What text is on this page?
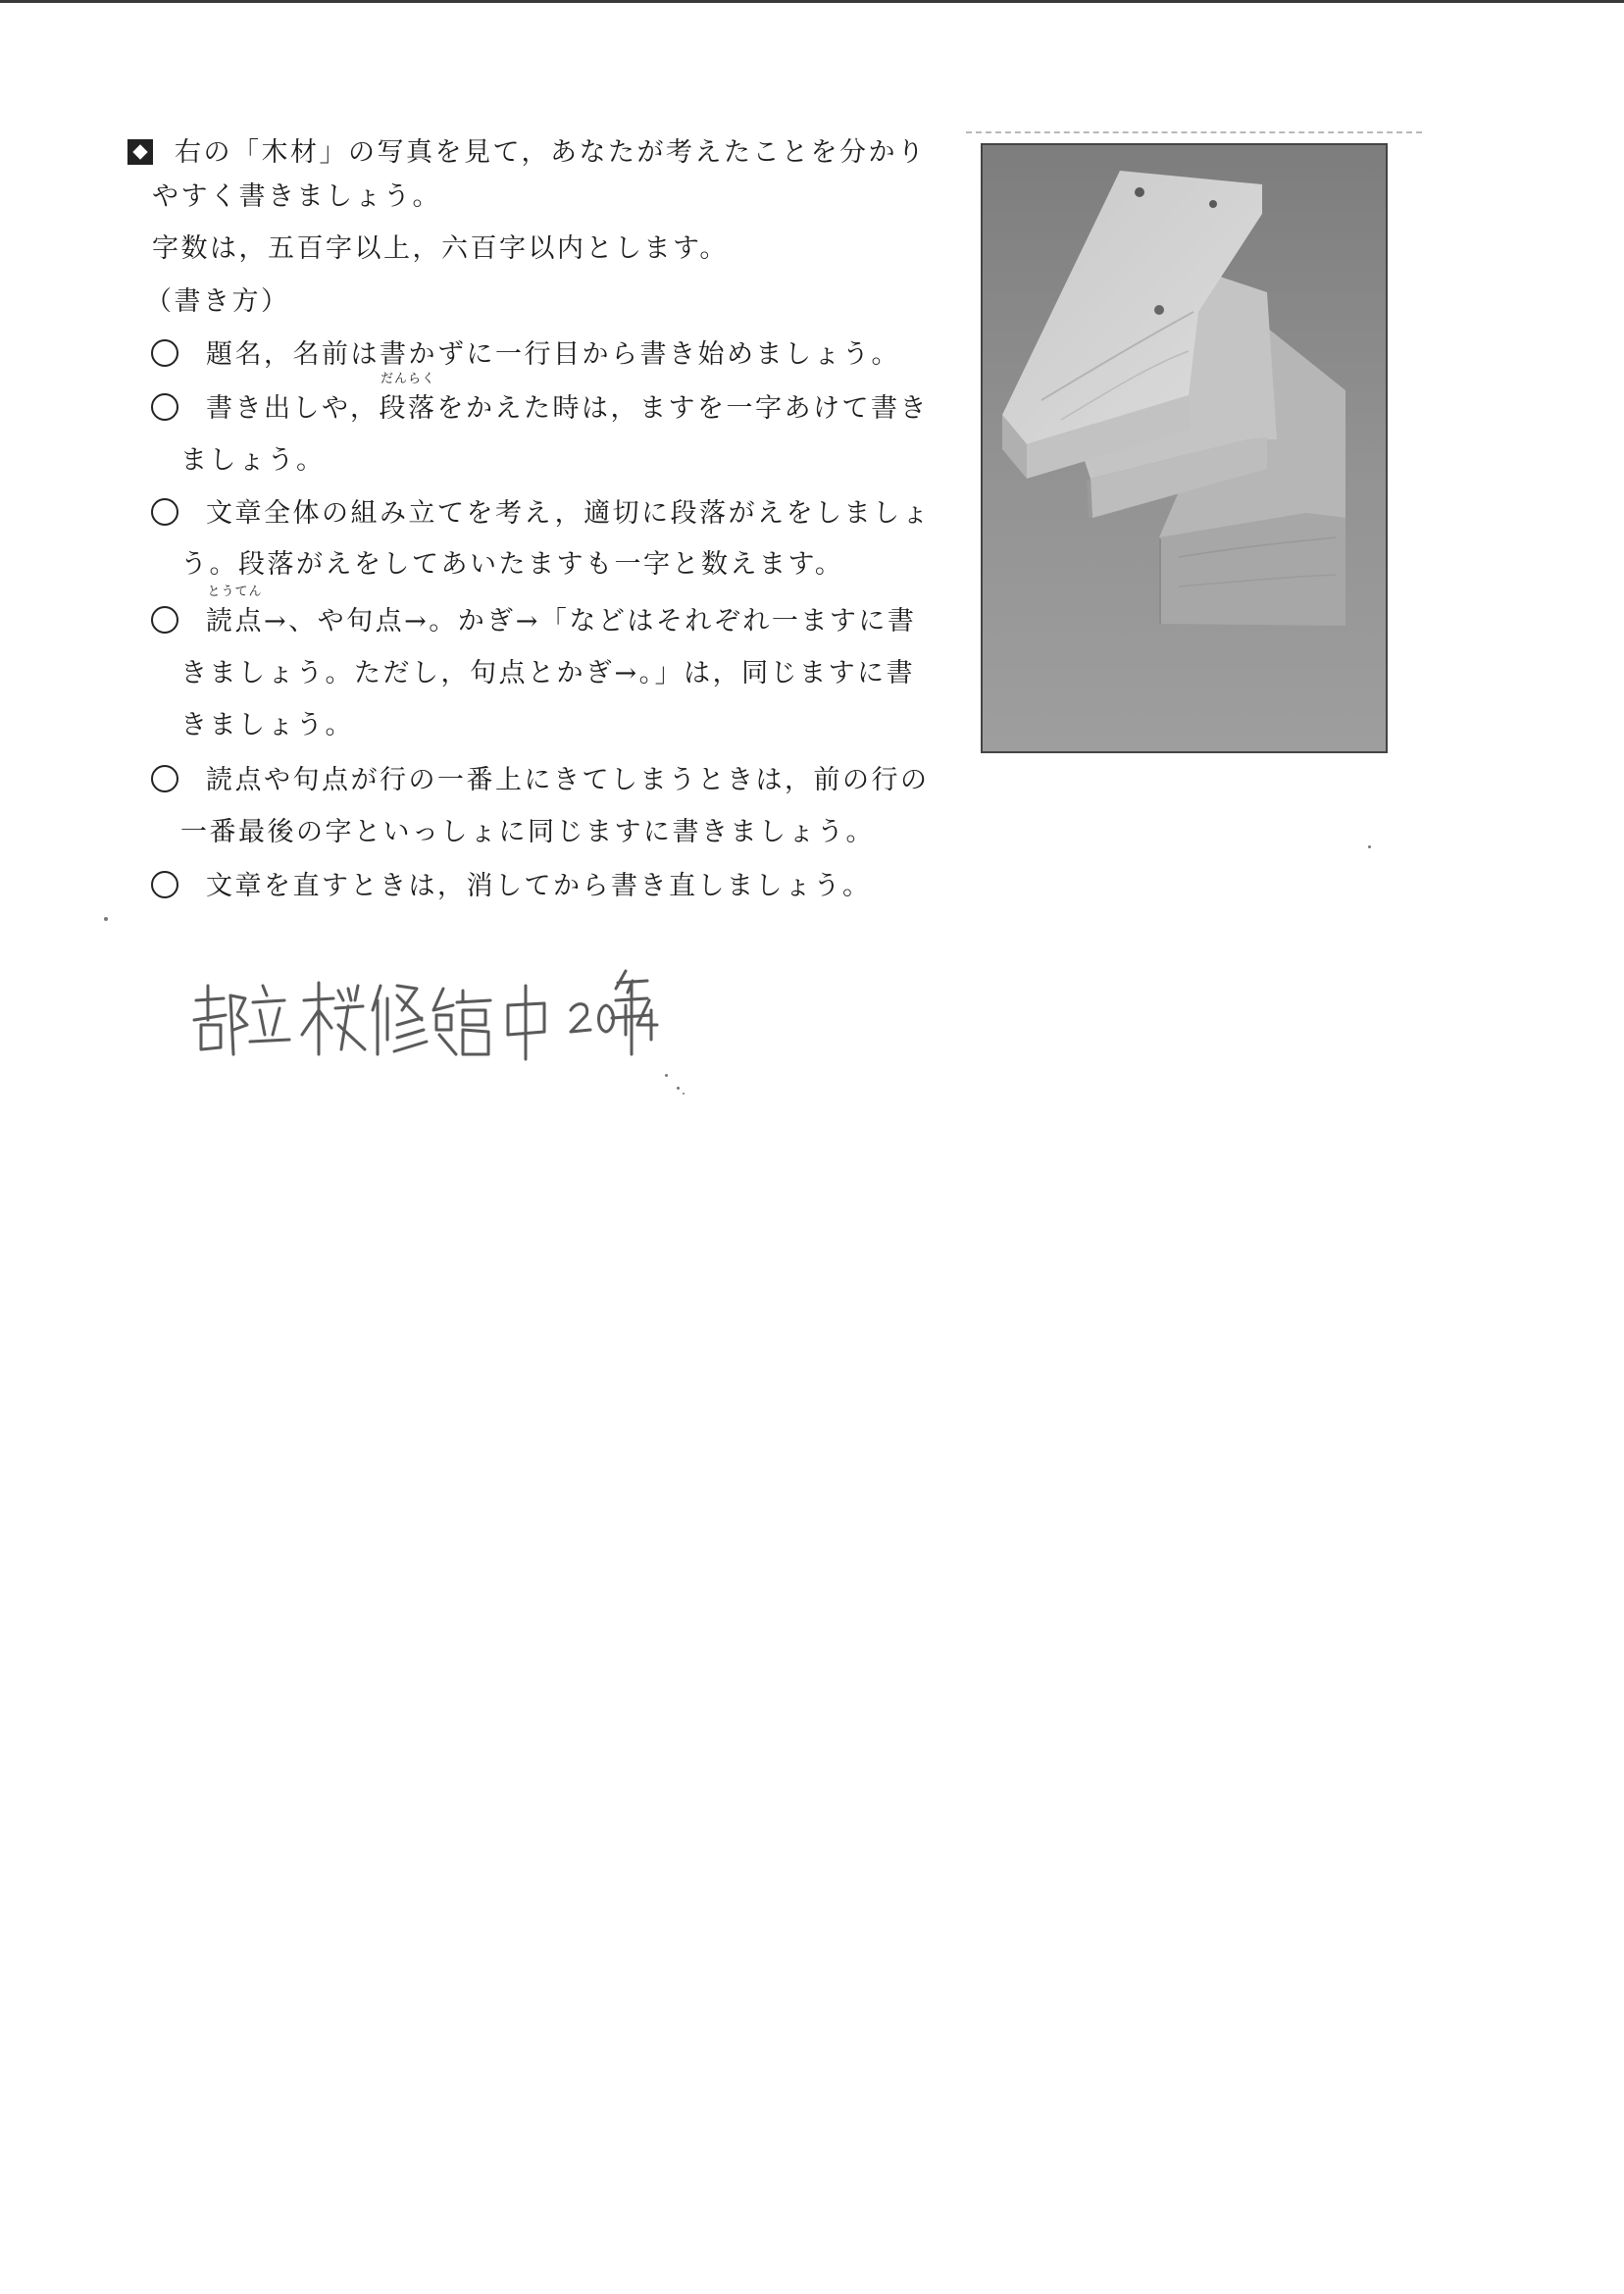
右の「木材」の写真を見て，あなたが考えたことを分かり
やすく書きましょう。
字数は，五百字以上，六百字以内とします。
（書き方）
題名，名前は書かずに一行目から書き始めましょう。
書き出しや，
だんらく
段落をかえた時は，ますを一字あけて書き
ましょう。
文章全体の組み立てを考え，適切に段落がえをしましょ
う。段落がえをしてあいたますも一字と数えます。
とうてん
読点→、や句点→。かぎ→「などはそれぞれ一ますに書
きましょう。ただし，句点とかぎ→。」は，同じますに書
きましょう。
読点や句点が行の一番上にきてしまうときは，前の行の
一番最後の字といっしょに同じますに書きましょう。
文章を直すときは，消してから書き直しましょう。
